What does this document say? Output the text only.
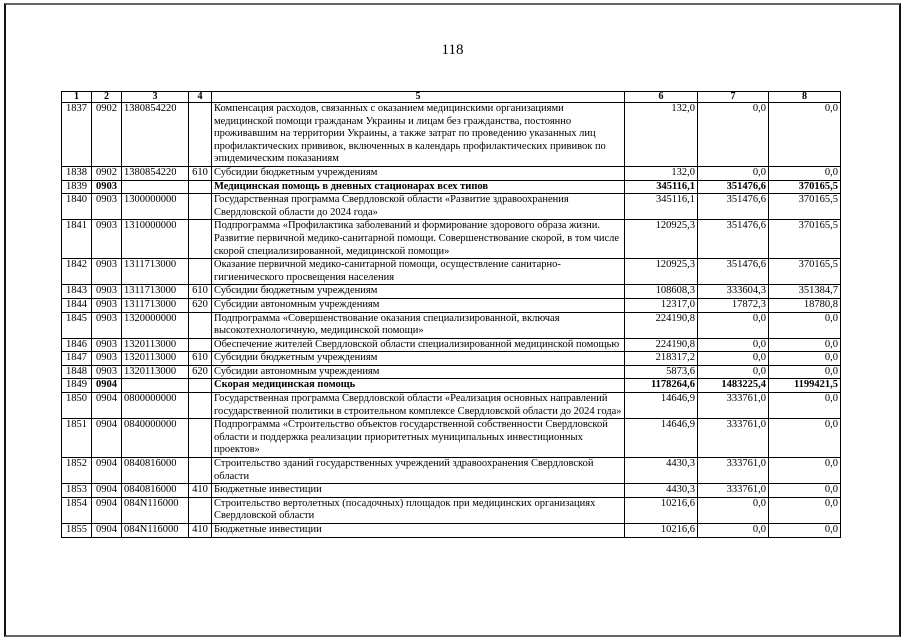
118
1	2	3	4	5	6	7	8
1837	0902	1380854220		Компенсация расходов, связанных с оказанием медицинскими организациями медицинской помощи гражданам Украины и лицам без гражданства, постоянно проживавшим на территории Украины, а также затрат по проведению указанных лиц профилактических прививок, включенных в календарь профилактических прививок по эпидемическим показаниям	132,0	0,0	0,0
1838	0902	1380854220	610	Субсидии бюджетным учреждениям	132,0	0,0	0,0
1839	0903			Медицинская помощь в дневных стационарах всех типов	345116,1	351476,6	370165,5
1840	0903	1300000000		Государственная программа Свердловской области «Развитие здравоохранения Свердловской области до 2024 года»	345116,1	351476,6	370165,5
1841	0903	1310000000		Подпрограмма «Профилактика заболеваний и формирование здорового образа жизни. Развитие первичной медико-санитарной помощи. Совершенствование скорой, в том числе скорой специализированной, медицинской помощи»	120925,3	351476,6	370165,5
1842	0903	1311713000		Оказание первичной медико-санитарной помощи, осуществление санитарно-гигиенического просвещения населения	120925,3	351476,6	370165,5
1843	0903	1311713000	610	Субсидии бюджетным учреждениям	108608,3	333604,3	351384,7
1844	0903	1311713000	620	Субсидии автономным учреждениям	12317,0	17872,3	18780,8
1845	0903	1320000000		Подпрограмма «Совершенствование оказания специализированной, включая высокотехнологичную, медицинской помощи»	224190,8	0,0	0,0
1846	0903	1320113000		Обеспечение жителей Свердловской области специализированной медицинской помощью	224190,8	0,0	0,0
1847	0903	1320113000	610	Субсидии бюджетным учреждениям	218317,2	0,0	0,0
1848	0903	1320113000	620	Субсидии автономным учреждениям	5873,6	0,0	0,0
1849	0904			Скорая медицинская помощь	1178264,6	1483225,4	1199421,5
1850	0904	0800000000		Государственная программа Свердловской области «Реализация основных направлений государственной политики в строительном комплексе Свердловской области до 2024 года»	14646,9	333761,0	0,0
1851	0904	0840000000		Подпрограмма «Строительство объектов государственной собственности Свердловской области и поддержка реализации приоритетных муниципальных инвестиционных проектов»	14646,9	333761,0	0,0
1852	0904	0840816000		Строительство зданий государственных учреждений здравоохранения Свердловской области	4430,3	333761,0	0,0
1853	0904	0840816000	410	Бюджетные инвестиции	4430,3	333761,0	0,0
1854	0904	084N116000		Строительство вертолетных (посадочных) площадок при медицинских организациях Свердловской области	10216,6	0,0	0,0
1855	0904	084N116000	410	Бюджетные инвестиции	10216,6	0,0	0,0
